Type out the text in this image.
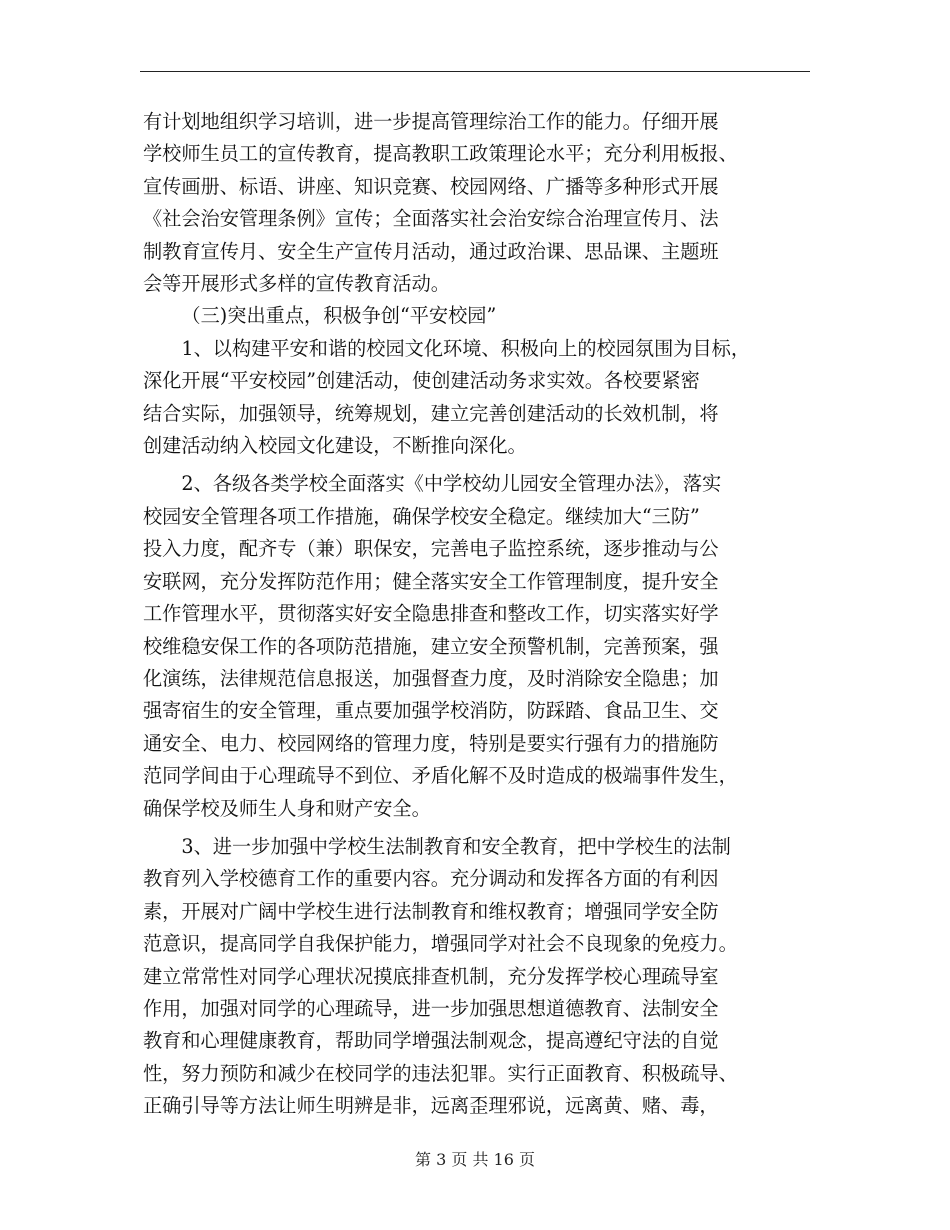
有计划地组织学习培训，进一步提高管理综治工作的能力。仔细开展
学校师生员工的宣传教育，提高教职工政策理论水平；充分利用板报、
宣传画册、标语、讲座、知识竞赛、校园网络、广播等多种形式开展
《社会治安管理条例》宣传；全面落实社会治安综合治理宣传月、法
制教育宣传月、安全生产宣传月活动，通过政治课、思品课、主题班
会等开展形式多样的宣传教育活动。
（三)突出重点，积极争创“平安校园”
1、以构建平安和谐的校园文化环境、积极向上的校园氛围为目标，
深化开展“平安校园”创建活动，使创建活动务求实效。各校要紧密
结合实际，加强领导，统筹规划，建立完善创建活动的长效机制，将
创建活动纳入校园文化建设，不断推向深化。
2、各级各类学校全面落实《中学校幼儿园安全管理办法》，落实
校园安全管理各项工作措施，确保学校安全稳定。继续加大“三防”
投入力度，配齐专（兼）职保安，完善电子监控系统，逐步推动与公
安联网，充分发挥防范作用；健全落实安全工作管理制度，提升安全
工作管理水平，贯彻落实好安全隐患排查和整改工作，切实落实好学
校维稳安保工作的各项防范措施，建立安全预警机制，完善预案，强
化演练，法律规范信息报送，加强督查力度，及时消除安全隐患；加
强寄宿生的安全管理，重点要加强学校消防，防踩踏、食品卫生、交
通安全、电力、校园网络的管理力度，特别是要实行强有力的措施防
范同学间由于心理疏导不到位、矛盾化解不及时造成的极端事件发生，
确保学校及师生人身和财产安全。
3、进一步加强中学校生法制教育和安全教育，把中学校生的法制
教育列入学校德育工作的重要内容。充分调动和发挥各方面的有利因
素，开展对广阔中学校生进行法制教育和维权教育；增强同学安全防
范意识，提高同学自我保护能力，增强同学对社会不良现象的免疫力。
建立常常性对同学心理状况摸底排查机制，充分发挥学校心理疏导室
作用，加强对同学的心理疏导，进一步加强思想道德教育、法制安全
教育和心理健康教育，帮助同学增强法制观念，提高遵纪守法的自觉
性，努力预防和减少在校同学的违法犯罪。实行正面教育、积极疏导、
正确引导等方法让师生明辨是非，远离歪理邪说，远离黄、赌、毒，
第 3 页 共 16 页
